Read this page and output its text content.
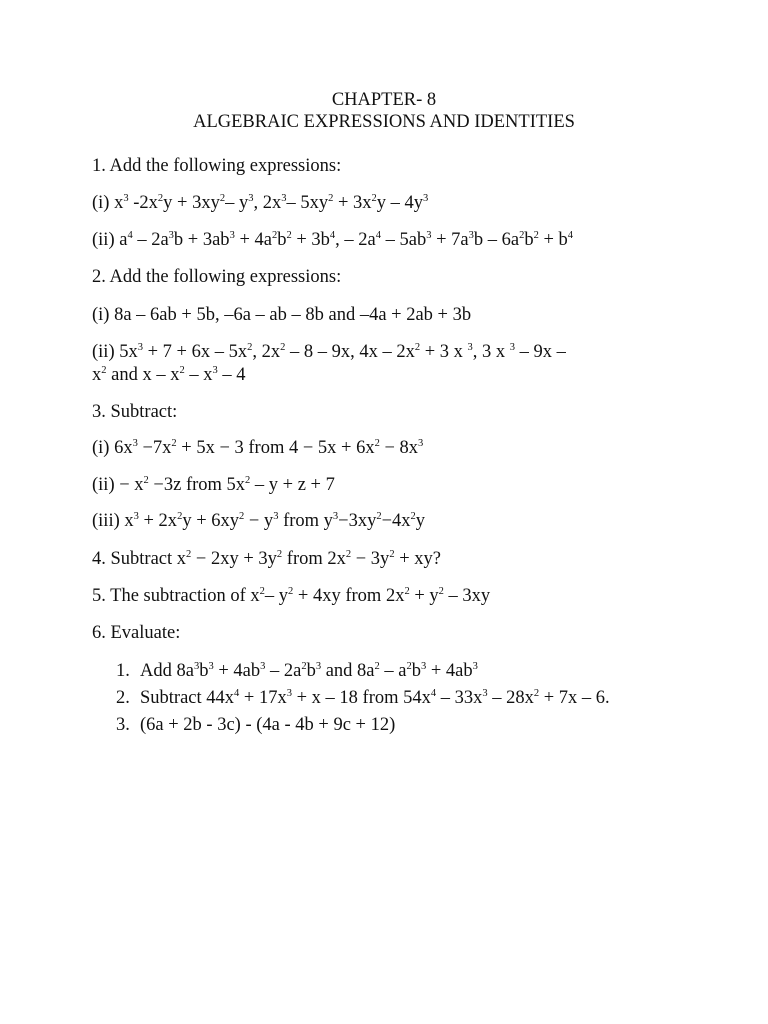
CHAPTER- 8
ALGEBRAIC EXPRESSIONS AND IDENTITIES
1. Add the following expressions:
(i) $x^3$ $-2x^2y + 3xy^2-$ $y^3$, $2x^3-$ $5xy^2 + 3x^2y - 4y^3$
(ii) $a^4 - 2a^3b + 3ab^3 + 4a^2b^2 + 3b^4$, – $2a^4 - 5ab^3 + 7a^3b - 6a^2b^2 + b^4$
2. Add the following expressions:
(i) 8a – 6ab + 5b, –6a – ab – 8b and –4a + 2ab + 3b
(ii) $5x^3 + 7 + 6x - 5x^2$, $2x^2 - 8 - 9x$, $4x - 2x^2 + 3$ x $^3$, 3 x $^3$ – 9x –
$x^2$ and x – $x^2 - x^3 - 4$
3. Subtract:
(i) $6x^3 -7x^2 + 5x - 3$ from $4 - 5x + 6x^2 - 8x^3$
$(ii) - x^2 -3z$ from $5x^2 - y + z + 7$
(iii) $x^3 + 2x^2y + 6xy^2 - y^3$ from $y^3-3xy^2-4x^2y$
4. Subtract $x^2 - 2xy + 3y^2$ from $2x^2 - 3y^2$ + xy?
5. The subtraction of $x^2-$ $y^2 + 4xy$ from $2x^2 + y^2 - 3xy$
6. Evaluate:
1. Add $8a^3b^3 + 4ab^3 - 2a^2b^3$ and $8a^2 - a^2b^3 + 4ab^3$
2. Subtract $44x^4 + 17x^3 + x - 18$ from $54x^4 - 33x^3 - 28x^2 + 7x - 6$.
3. (6a + 2b - 3c) - (4a - 4b + 9c + 12)
